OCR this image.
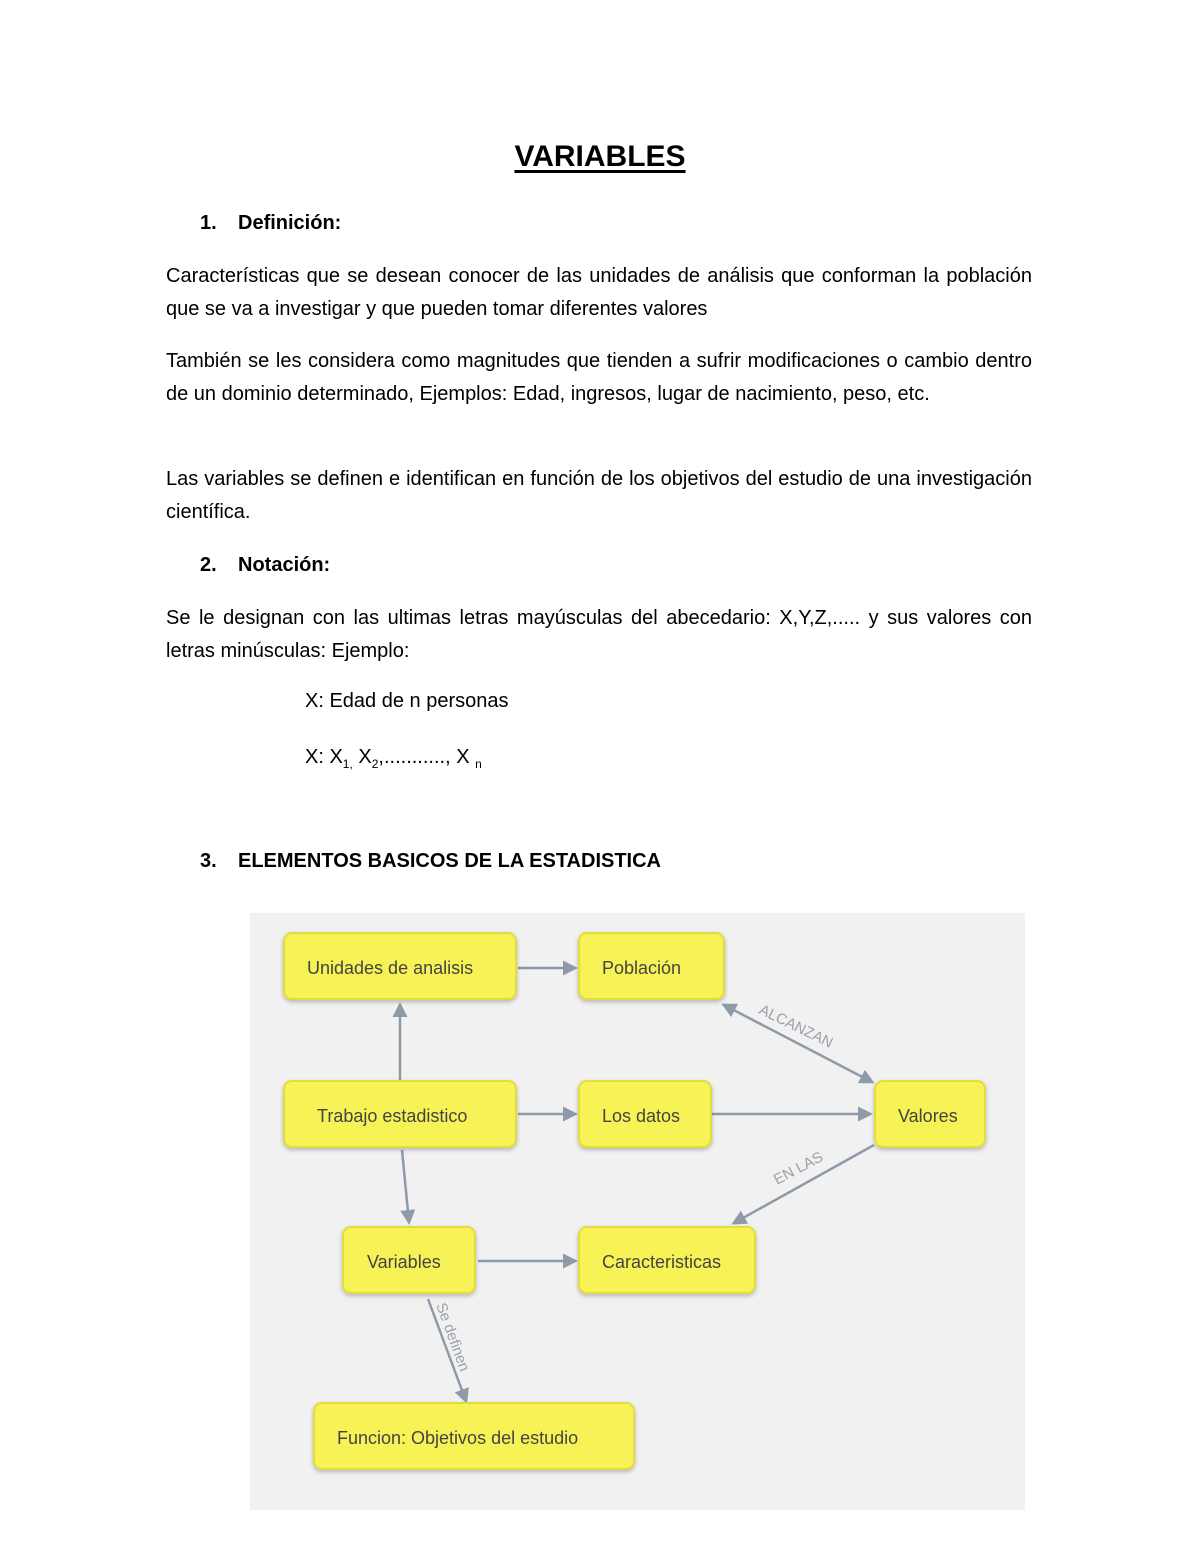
VARIABLES
1. Definición:
Características que se desean conocer de las unidades de análisis que conforman la población que se va a investigar y que pueden tomar diferentes valores
También se les considera como magnitudes que tienden a sufrir modificaciones o cambio dentro de un dominio determinado, Ejemplos: Edad, ingresos, lugar de nacimiento, peso, etc.
Las variables se definen e identifican en función de los objetivos del estudio de una investigación científica.
2. Notación:
Se le designan con las ultimas letras mayúsculas del abecedario: X,Y,Z,..... y sus valores con letras minúsculas: Ejemplo:
X: Edad de n personas
X: $X_{1,}$ $X_2$,..........., X $_n$
3. ELEMENTOS BASICOS DE LA ESTADISTICA
ALCANZAN
EN LAS
Se definen
Unidades de analisis	Población
Trabajo estadistico	Los datos	Valores
Variables	Caracteristicas
Funcion: Objetivos del estudio
